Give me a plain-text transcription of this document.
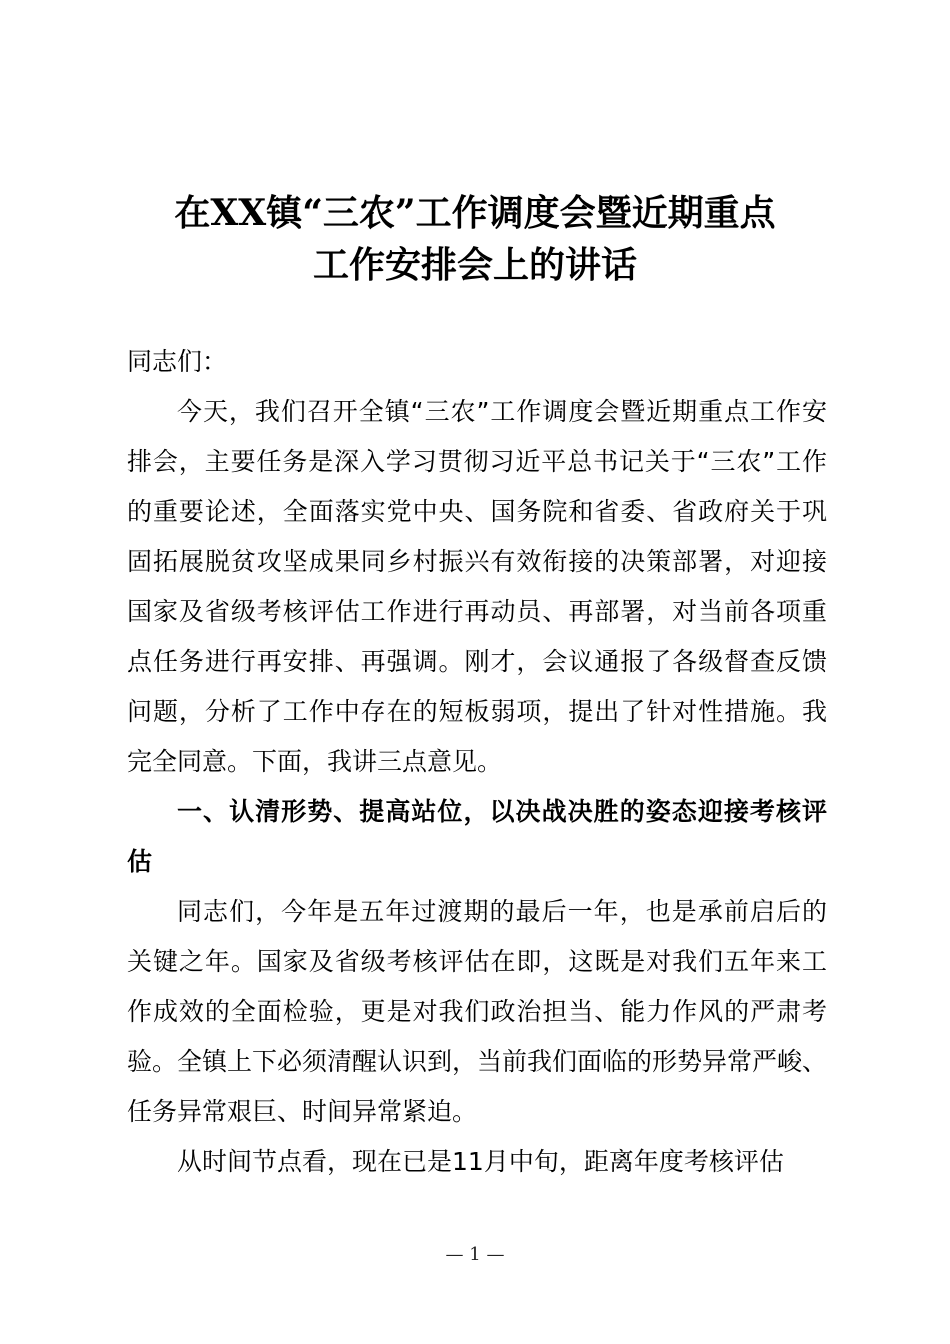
在XX镇“三农”工作调度会暨近期重点
工作安排会上的讲话
同志们：
今天，我们召开全镇“三农”工作调度会暨近期重点工作安
排会，主要任务是深入学习贯彻习近平总书记关于“三农”工作
的重要论述，全面落实党中央、国务院和省委、省政府关于巩
固拓展脱贫攻坚成果同乡村振兴有效衔接的决策部署，对迎接
国家及省级考核评估工作进行再动员、再部署，对当前各项重
点任务进行再安排、再强调。刚才，会议通报了各级督查反馈
问题，分析了工作中存在的短板弱项，提出了针对性措施。我
完全同意。下面，我讲三点意见。
一、认清形势、提高站位，以决战决胜的姿态迎接考核评
估
同志们，今年是五年过渡期的最后一年，也是承前启后的
关键之年。国家及省级考核评估在即，这既是对我们五年来工
作成效的全面检验，更是对我们政治担当、能力作风的严肃考
验。全镇上下必须清醒认识到，当前我们面临的形势异常严峻、
任务异常艰巨、时间异常紧迫。
从时间节点看，现在已是11月中旬，距离年度考核评估
— 1 —
